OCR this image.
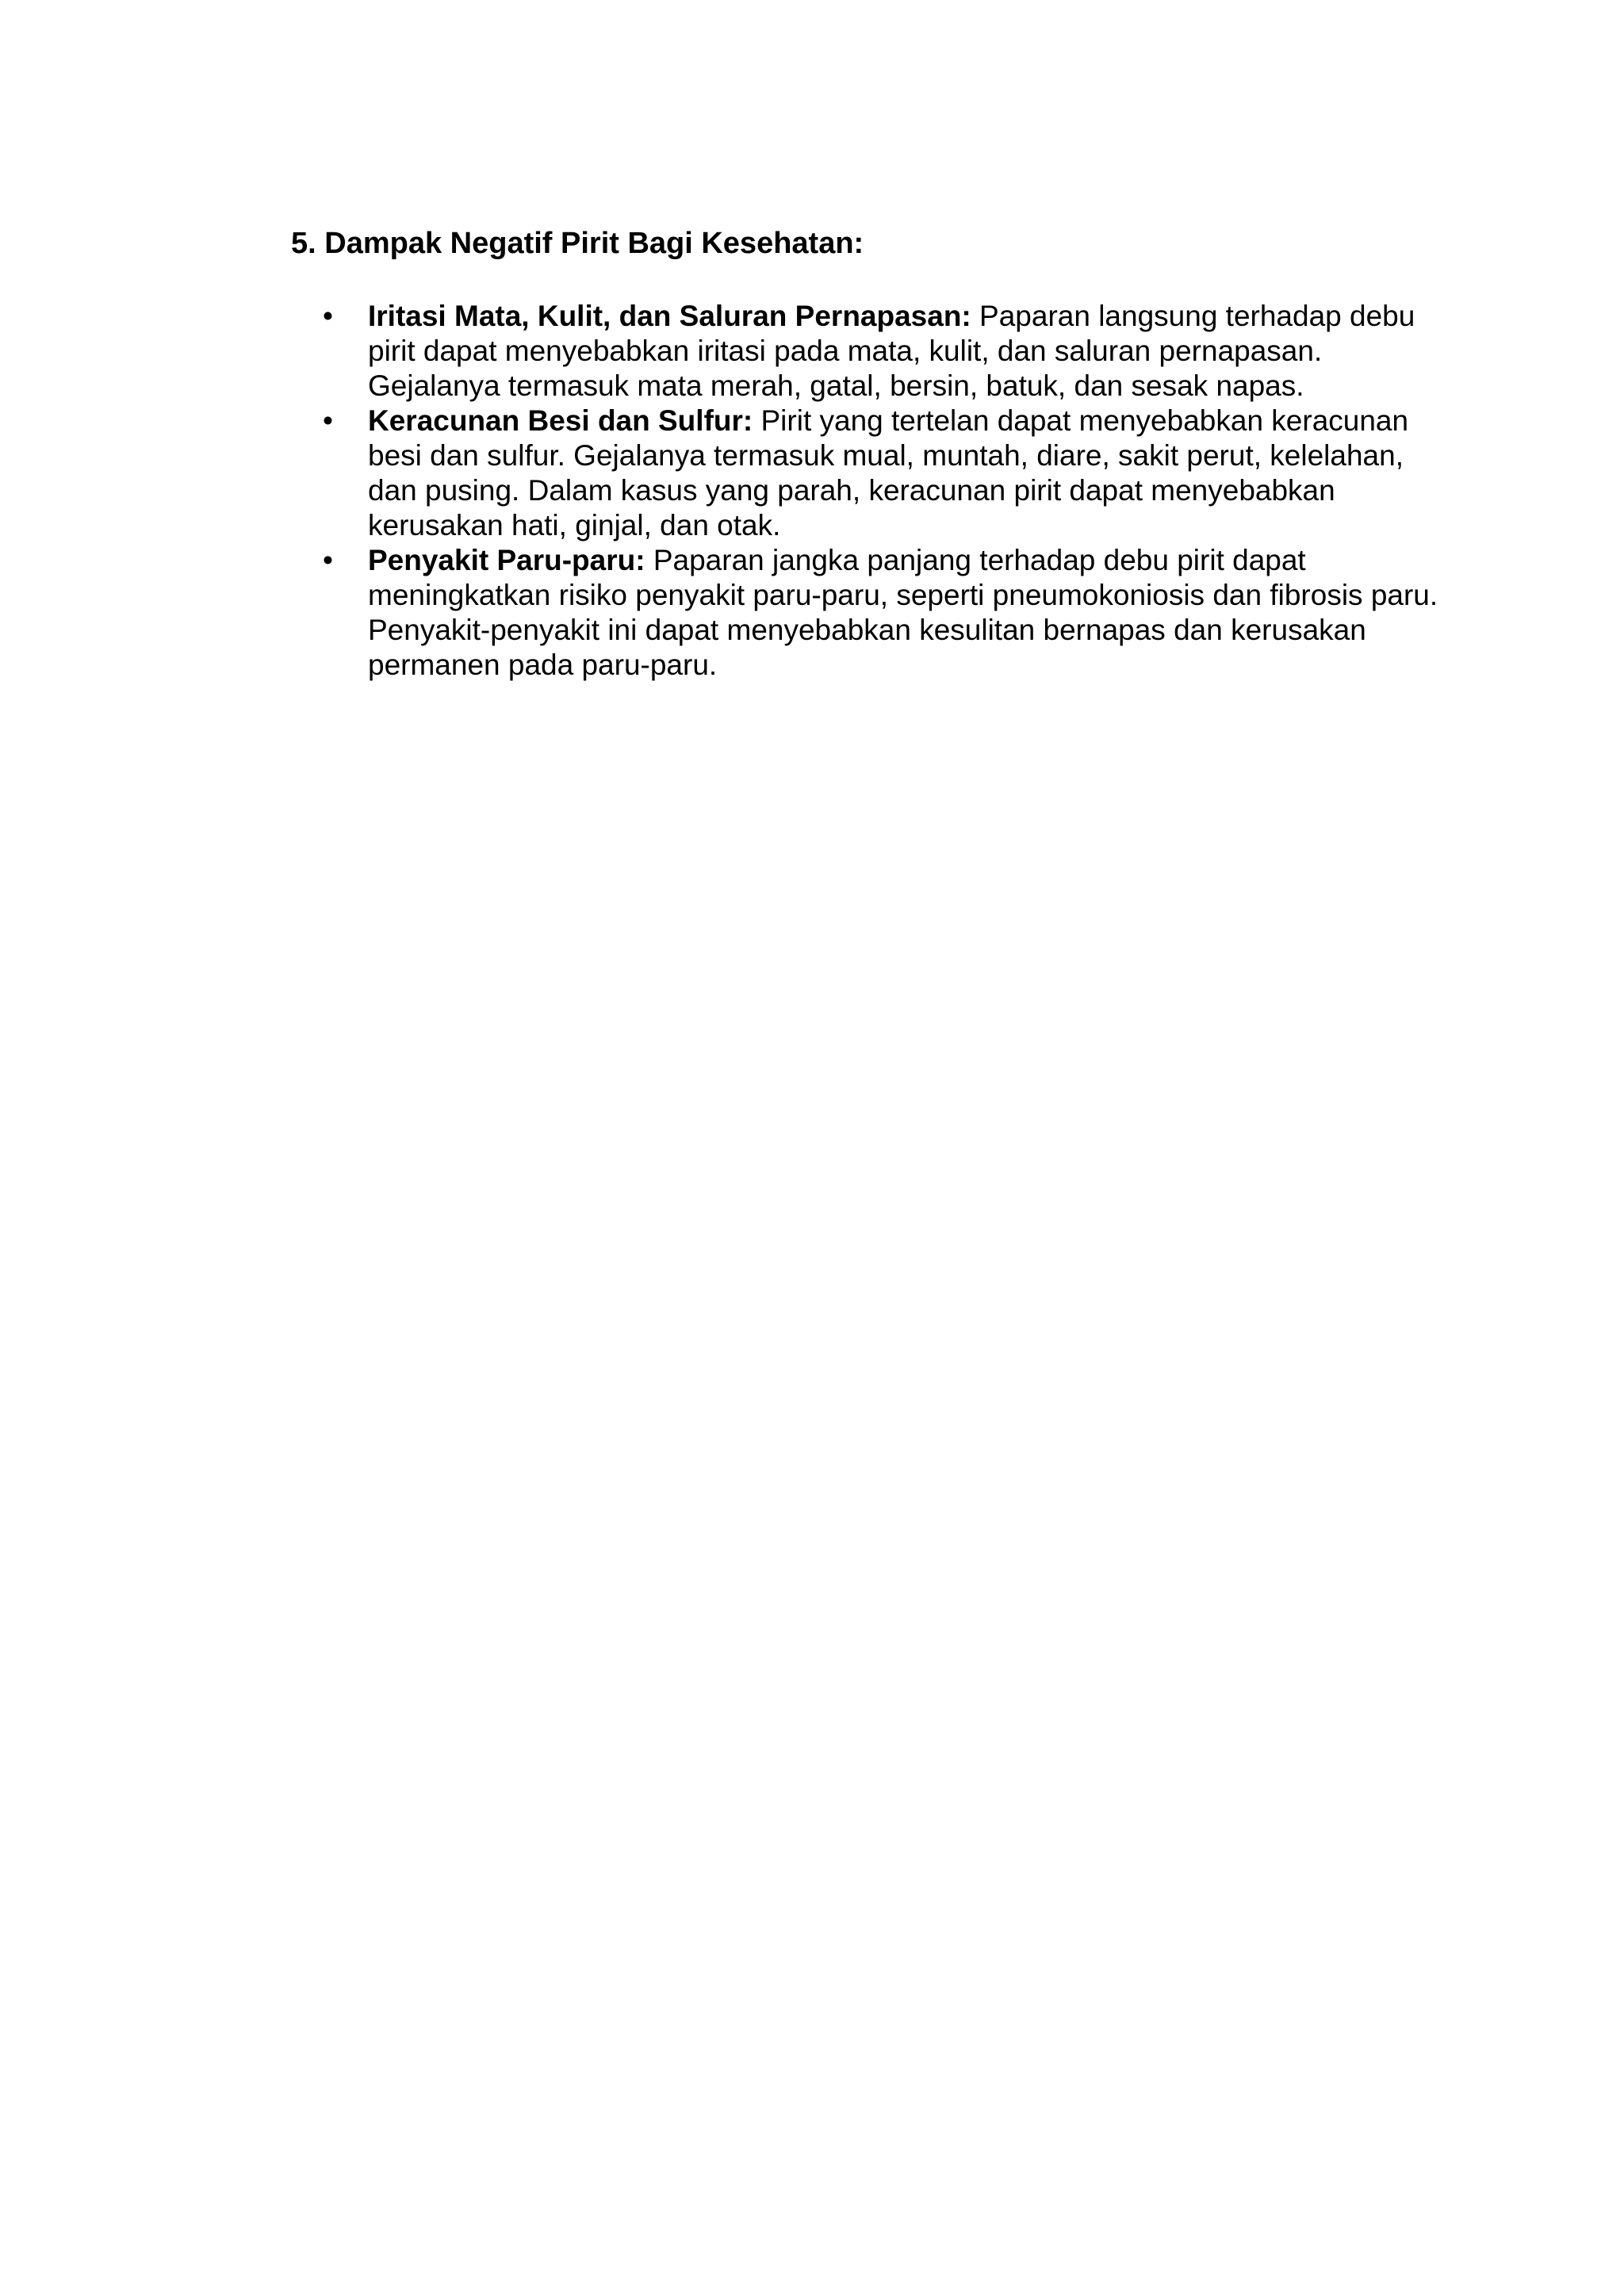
5. Dampak Negatif Pirit Bagi Kesehatan:

• Iritasi Mata, Kulit, dan Saluran Pernapasan: Paparan langsung terhadap debu
pirit dapat menyebabkan iritasi pada mata, kulit, dan saluran pernapasan.
Gejalanya termasuk mata merah, gatal, bersin, batuk, dan sesak napas.
• Keracunan Besi dan Sulfur: Pirit yang tertelan dapat menyebabkan keracunan
besi dan sulfur. Gejalanya termasuk mual, muntah, diare, sakit perut, kelelahan,
dan pusing. Dalam kasus yang parah, keracunan pirit dapat menyebabkan
kerusakan hati, ginjal, dan otak.
• Penyakit Paru-paru: Paparan jangka panjang terhadap debu pirit dapat
meningkatkan risiko penyakit paru-paru, seperti pneumokoniosis dan fibrosis paru.
Penyakit-penyakit ini dapat menyebabkan kesulitan bernapas dan kerusakan
permanen pada paru-paru.
